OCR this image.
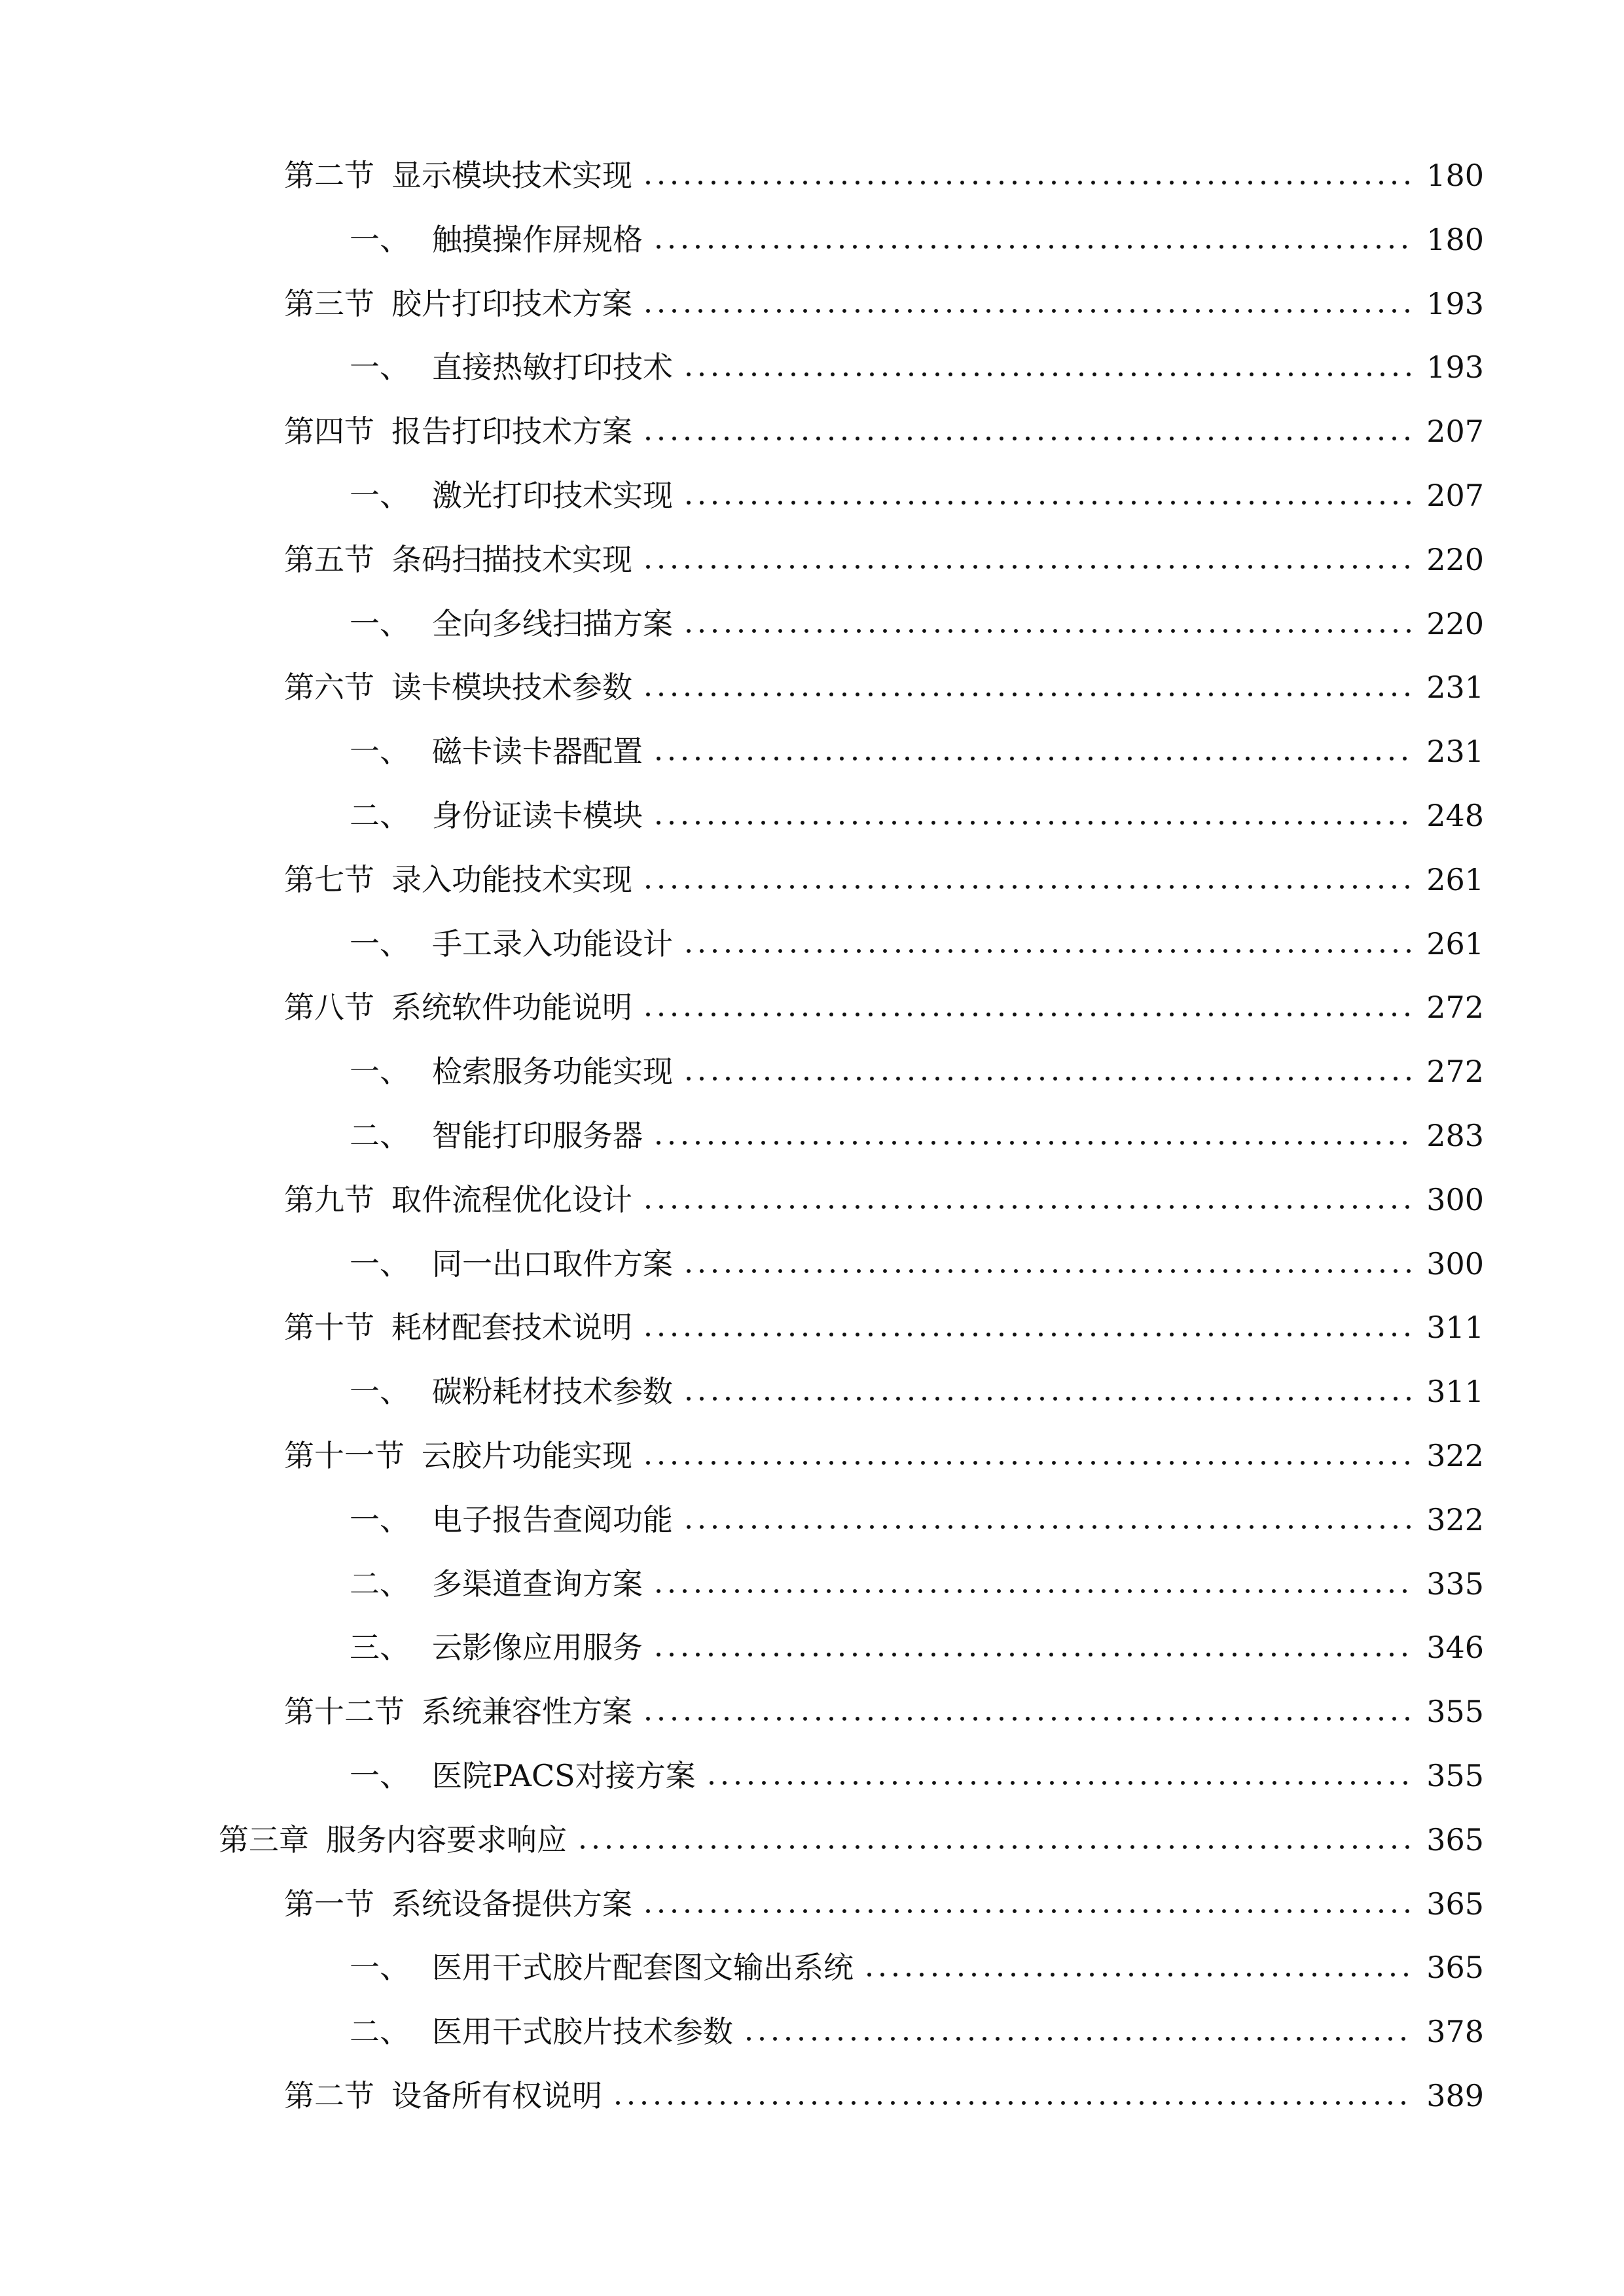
第二节 显示模块技术实现	180
一、 触摸操作屏规格	180
第三节 胶片打印技术方案	193
一、 直接热敏打印技术	193
第四节 报告打印技术方案	207
一、 激光打印技术实现	207
第五节 条码扫描技术实现	220
一、 全向多线扫描方案	220
第六节 读卡模块技术参数	231
一、 磁卡读卡器配置	231
二、 身份证读卡模块	248
第七节 录入功能技术实现	261
一、 手工录入功能设计	261
第八节 系统软件功能说明	272
一、 检索服务功能实现	272
二、 智能打印服务器	283
第九节 取件流程优化设计	300
一、 同一出口取件方案	300
第十节 耗材配套技术说明	311
一、 碳粉耗材技术参数	311
第十一节 云胶片功能实现	322
一、 电子报告查阅功能	322
二、 多渠道查询方案	335
三、 云影像应用服务	346
第十二节 系统兼容性方案	355
一、 医院PACS对接方案	355
第三章 服务内容要求响应	365
第一节 系统设备提供方案	365
一、 医用干式胶片配套图文输出系统	365
二、 医用干式胶片技术参数	378
第二节 设备所有权说明	389
